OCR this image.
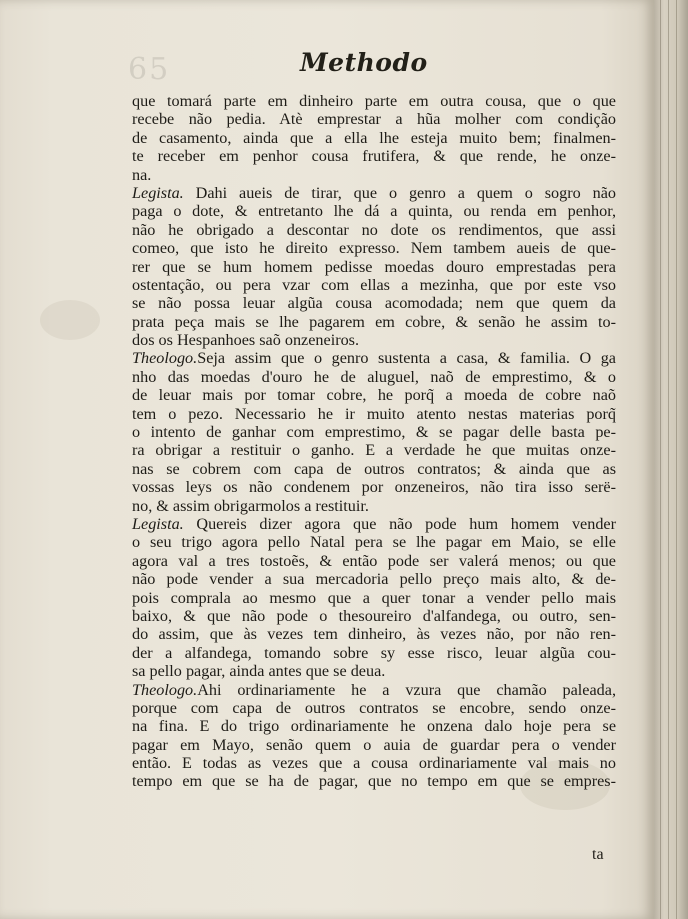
65	Methodo
que tomará parte em dinheiro parte em outra cousa, que o que
recebe não pedia. Atè emprestar a hũa molher com condição
de casamento, ainda que a ella lhe esteja muito bem; finalmen-
te receber em penhor cousa frutifera, & que rende, he onze-
na.
Legista. Dahi aueis de tirar, que o genro a quem o sogro não
paga o dote, & entretanto lhe dá a quinta, ou renda em penhor,
não he obrigado a descontar no dote os rendimentos, que assi
comeo, que isto he direito expresso. Nem tambem aueis de que-
rer que se hum homem pedisse moedas douro emprestadas pera
ostentação, ou pera vzar com ellas a mezinha, que por este vso
se não possa leuar algũa cousa acomodada; nem que quem da
prata peça mais se lhe pagarem em cobre, & senão he assim to-
dos os Hespanhoes saõ onzeneiros.
Theologo.Seja assim que o genro sustenta a casa, & familia. O ga
nho das moedas d'ouro he de aluguel, naõ de emprestimo, & o
de leuar mais por tomar cobre, he porq̃ a moeda de cobre naõ
tem o pezo. Necessario he ir muito atento nestas materias porq̃
o intento de ganhar com emprestimo, & se pagar delle basta pe-
ra obrigar a restituir o ganho. E a verdade he que muitas onze-
nas se cobrem com capa de outros contratos; & ainda que as
vossas leys os não condenem por onzeneiros, não tira isso serë-
no, & assim obrigarmolos a restituir.
Legista. Quereis dizer agora que não pode hum homem vender
o seu trigo agora pello Natal pera se lhe pagar em Maio, se elle
agora val a tres tostoẽs, & então pode ser valerá menos; ou que
não pode vender a sua mercadoria pello preço mais alto, & de-
pois comprala ao mesmo que a quer tonar a vender pello mais
baixo, & que não pode o thesoureiro d'alfandega, ou outro, sen-
do assim, que às vezes tem dinheiro, às vezes não, por não ren-
der a alfandega, tomando sobre sy esse risco, leuar algũa cou-
sa pello pagar, ainda antes que se deua.
Theologo.Ahi ordinariamente he a vzura que chamão paleada,
porque com capa de outros contratos se encobre, sendo onze-
na fina. E do trigo ordinariamente he onzena dalo hoje pera se
pagar em Mayo, senão quem o auia de guardar pera o vender
então. E todas as vezes que a cousa ordinariamente val mais no
tempo em que se ha de pagar, que no tempo em que se empres-
ta
